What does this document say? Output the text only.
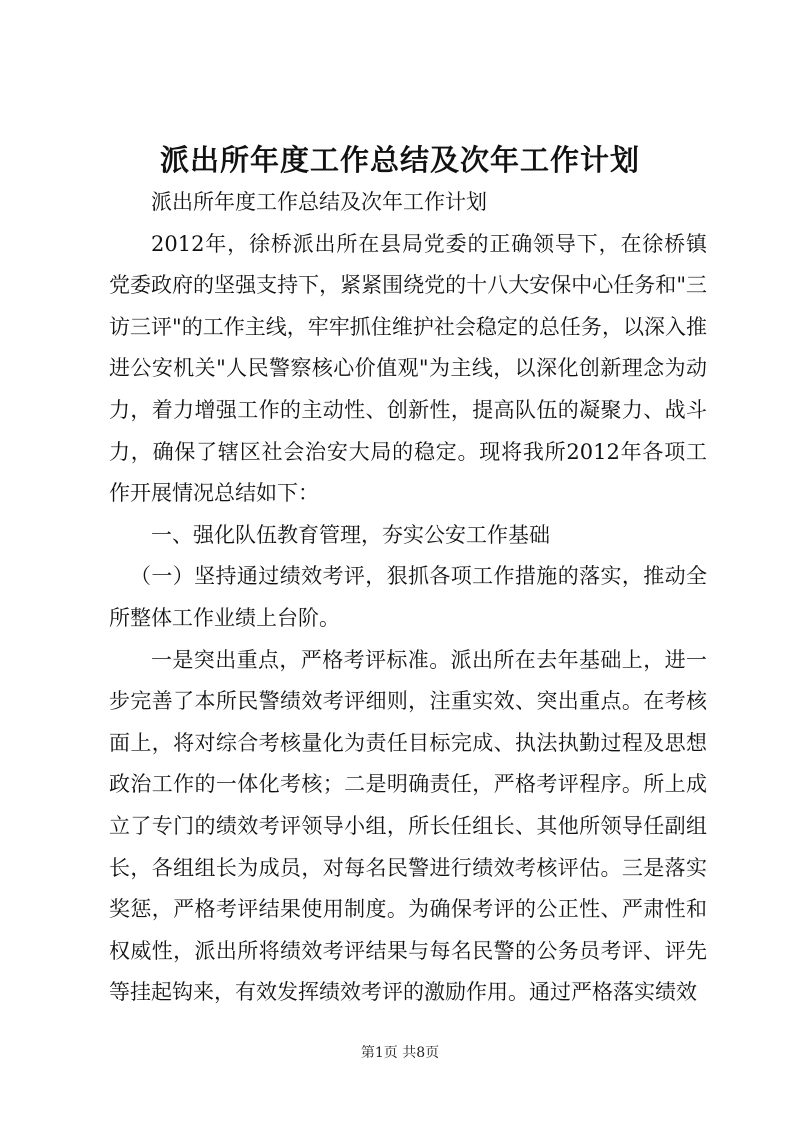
派出所年度工作总结及次年工作计划

派出所年度工作总结及次年工作计划

2012年，徐桥派出所在县局党委的正确领导下，在徐桥镇党委政府的坚强支持下，紧紧围绕党的十八大安保中心任务和"三访三评"的工作主线，牢牢抓住维护社会稳定的总任务，以深入推进公安机关"人民警察核心价值观"为主线，以深化创新理念为动力，着力增强工作的主动性、创新性，提高队伍的凝聚力、战斗力，确保了辖区社会治安大局的稳定。现将我所2012年各项工作开展情况总结如下：

一、强化队伍教育管理，夯实公安工作基础

（一）坚持通过绩效考评，狠抓各项工作措施的落实，推动全所整体工作业绩上台阶。

一是突出重点，严格考评标准。派出所在去年基础上，进一步完善了本所民警绩效考评细则，注重实效、突出重点。在考核面上，将对综合考核量化为责任目标完成、执法执勤过程及思想政治工作的一体化考核；二是明确责任，严格考评程序。所上成立了专门的绩效考评领导小组，所长任组长、其他所领导任副组长，各组组长为成员，对每名民警进行绩效考核评估。三是落实奖惩，严格考评结果使用制度。为确保考评的公正性、严肃性和权威性，派出所将绩效考评结果与每名民警的公务员考评、评先等挂起钩来，有效发挥绩效考评的激励作用。通过严格落实绩效

第1页 共8页
